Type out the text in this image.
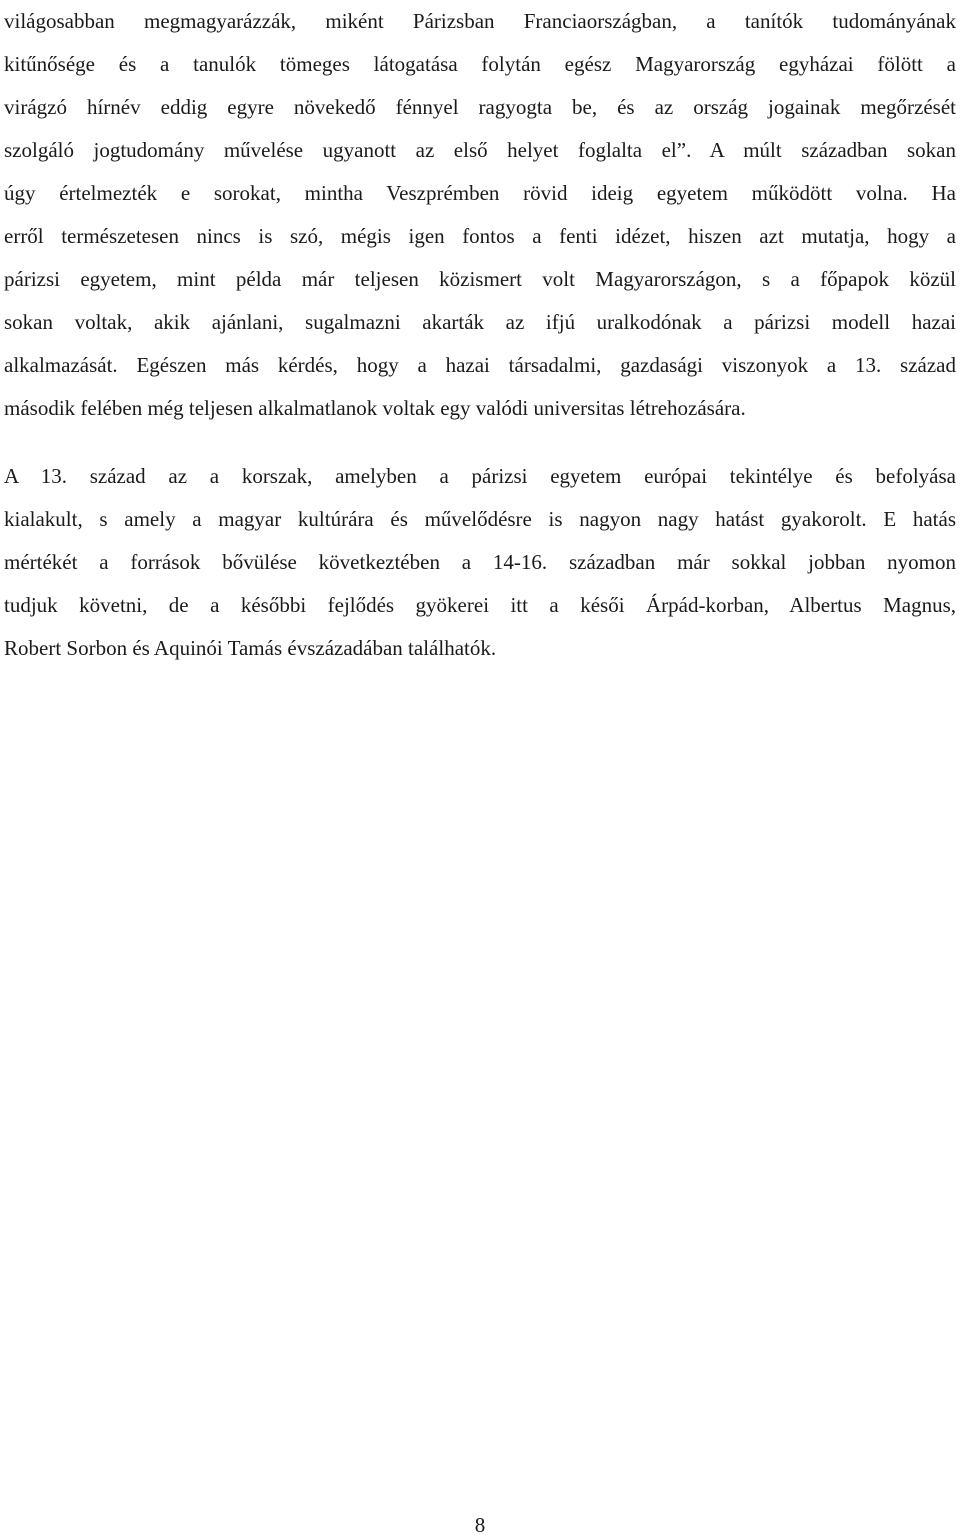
világosabban megmagyarázzák, miként Párizsban Franciaországban, a tanítók tudományának
kitűnősége és a tanulók tömeges látogatása folytán egész Magyarország egyházai fölött a
virágzó hírnév eddig egyre növekedő fénnyel ragyogta be, és az ország jogainak megőrzését
szolgáló jogtudomány művelése ugyanott az első helyet foglalta el”. A múlt században sokan
úgy értelmezték e sorokat, mintha Veszprémben rövid ideig egyetem működött volna. Ha
erről természetesen nincs is szó, mégis igen fontos a fenti idézet, hiszen azt mutatja, hogy a
párizsi egyetem, mint példa már teljesen közismert volt Magyarországon, s a főpapok közül
sokan voltak, akik ajánlani, sugalmazni akarták az ifjú uralkodónak a párizsi modell hazai
alkalmazását. Egészen más kérdés, hogy a hazai társadalmi, gazdasági viszonyok a 13. század
második felében még teljesen alkalmatlanok voltak egy valódi universitas létrehozására.
A 13. század az a korszak, amelyben a párizsi egyetem európai tekintélye és befolyása
kialakult, s amely a magyar kultúrára és művelődésre is nagyon nagy hatást gyakorolt. E hatás
mértékét a források bővülése következtében a 14-16. században már sokkal jobban nyomon
tudjuk követni, de a későbbi fejlődés gyökerei itt a késői Árpád-korban, Albertus Magnus,
Robert Sorbon és Aquinói Tamás évszázadában találhatók.
8
